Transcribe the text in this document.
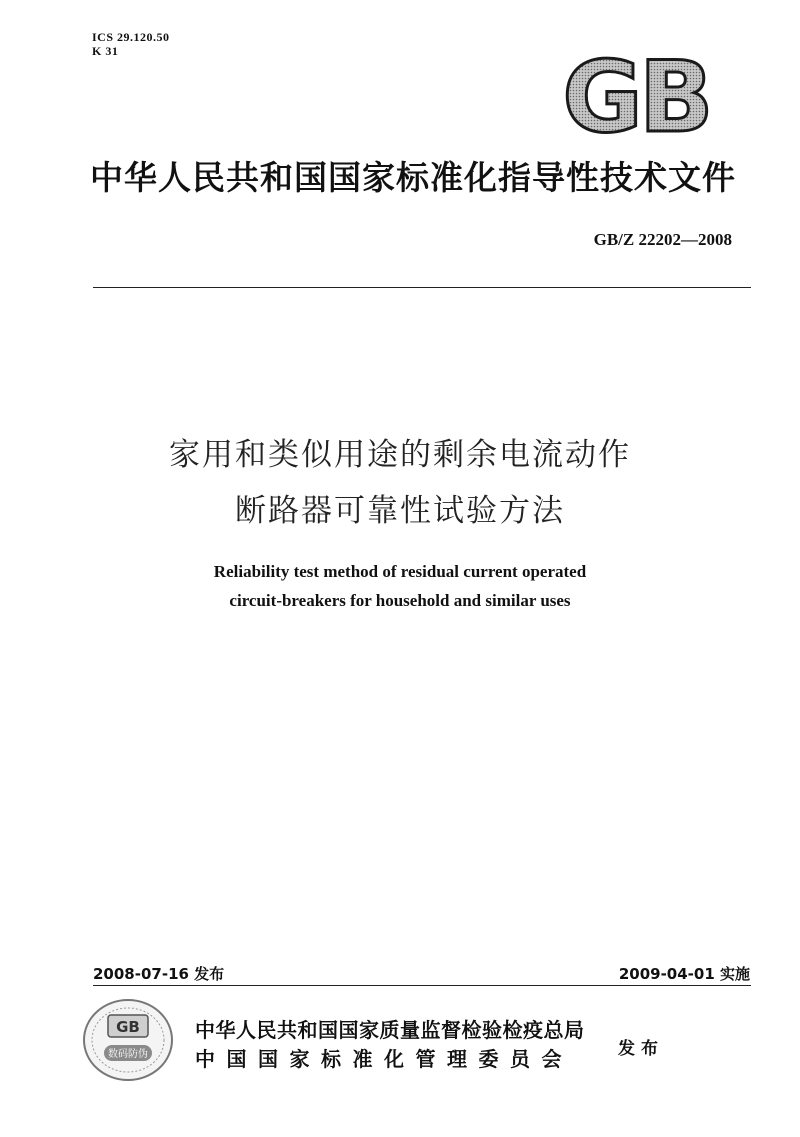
ICS 29.120.50
K 31	GB
中华人民共和国国家标准化指导性技术文件
GB/Z 22202—2008
家用和类似用途的剩余电流动作
断路器可靠性试验方法
Reliability test method of residual current operated
circuit-breakers for household and similar uses
2008-07-16 发布	2009-04-01 实施
GB
数码防伪
中华人民共和国国家质量监督检验检疫总局
中国国家标准化管理委员会	发布
